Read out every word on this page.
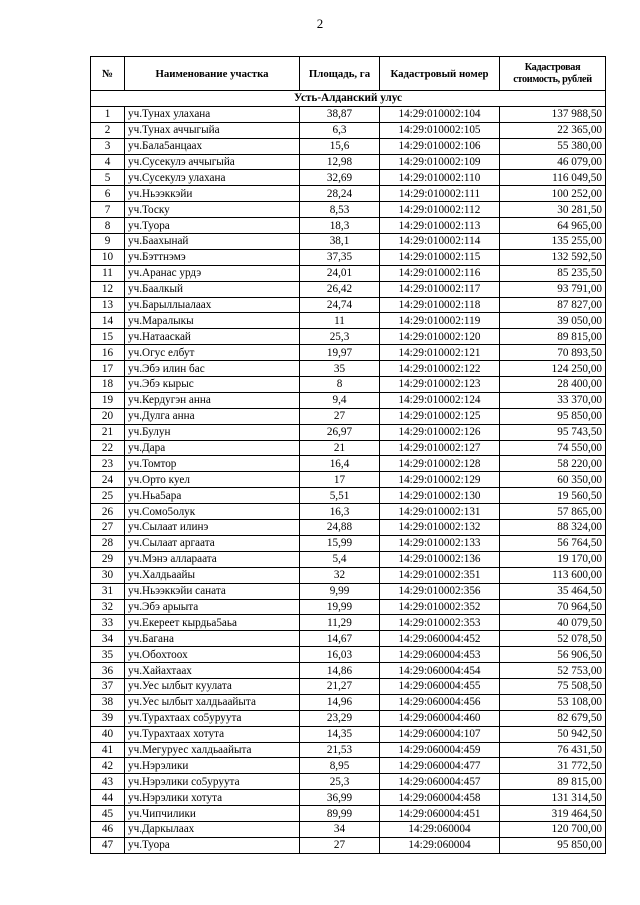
2
№	Наименование участка	Площадь, га	Кадастровый номер	Кадастровая стоимость, рублей
Усть-Алданский улус				
1	уч.Тунах улахана	38,87	14:29:010002:104	137 988,50
2	уч.Тунах аччыгыйа	6,3	14:29:010002:105	22 365,00
3	уч.Бала5анцаах	15,6	14:29:010002:106	55 380,00
4	уч.Сусекулэ аччыгыйа	12,98	14:29:010002:109	46 079,00
5	уч.Сусекулэ улахана	32,69	14:29:010002:110	116 049,50
6	уч.Ньээккэйи	28,24	14:29:010002:111	100 252,00
7	уч.Тоску	8,53	14:29:010002:112	30 281,50
8	уч.Туора	18,3	14:29:010002:113	64 965,00
9	уч.Баахынай	38,1	14:29:010002:114	135 255,00
10	уч.Бэттнэмэ	37,35	14:29:010002:115	132 592,50
11	уч.Аранас урдэ	24,01	14:29:010002:116	85 235,50
12	уч.Баалкый	26,42	14:29:010002:117	93 791,00
13	уч.Барыллыалаах	24,74	14:29:010002:118	87 827,00
14	уч.Маралыкы	11	14:29:010002:119	39 050,00
15	уч.Натааскай	25,3	14:29:010002:120	89 815,00
16	уч.Огус елбут	19,97	14:29:010002:121	70 893,50
17	уч.Эбэ илин бас	35	14:29:010002:122	124 250,00
18	уч.Эбэ кырыс	8	14:29:010002:123	28 400,00
19	уч.Кердугэн анна	9,4	14:29:010002:124	33 370,00
20	уч.Дулга анна	27	14:29:010002:125	95 850,00
21	уч.Булун	26,97	14:29:010002:126	95 743,50
22	уч.Дара	21	14:29:010002:127	74 550,00
23	уч.Томтор	16,4	14:29:010002:128	58 220,00
24	уч.Орто куел	17	14:29:010002:129	60 350,00
25	уч.Ньа5ара	5,51	14:29:010002:130	19 560,50
26	уч.Сомо5олук	16,3	14:29:010002:131	57 865,00
27	уч.Сылаат илинэ	24,88	14:29:010002:132	88 324,00
28	уч.Сылаат аргаата	15,99	14:29:010002:133	56 764,50
29	уч.Мэнэ алларaата	5,4	14:29:010002:136	19 170,00
30	уч.Халдьаайы	32	14:29:010002:351	113 600,00
31	уч.Ньээккэйи саната	9,99	14:29:010002:356	35 464,50
32	уч.Эбэ арыыта	19,99	14:29:010002:352	70 964,50
33	уч.Екереет кырдьа5аьа	11,29	14:29:010002:353	40 079,50
34	уч.Багана	14,67	14:29:060004:452	52 078,50
35	уч.Обохтоох	16,03	14:29:060004:453	56 906,50
36	уч.Хайахтаах	14,86	14:29:060004:454	52 753,00
37	уч.Уес ылбыт куулата	21,27	14:29:060004:455	75 508,50
38	уч.Уес ылбыт халдьаайыта	14,96	14:29:060004:456	53 108,00
39	уч.Турахтаах со5уруута	23,29	14:29:060004:460	82 679,50
40	уч.Турахтаах хотута	14,35	14:29:060004:107	50 942,50
41	уч.Мегурyес халдьаайыта	21,53	14:29:060004:459	76 431,50
42	уч.Нэрэлики	8,95	14:29:060004:477	31 772,50
43	уч.Нэрэлики со5уруута	25,3	14:29:060004:457	89 815,00
44	уч.Нэрэлики хотута	36,99	14:29:060004:458	131 314,50
45	уч.Чипчилики	89,99	14:29:060004:451	319 464,50
46	уч.Даркылаах	34	14:29:060004	120 700,00
47	уч.Туора	27	14:29:060004	95 850,00
